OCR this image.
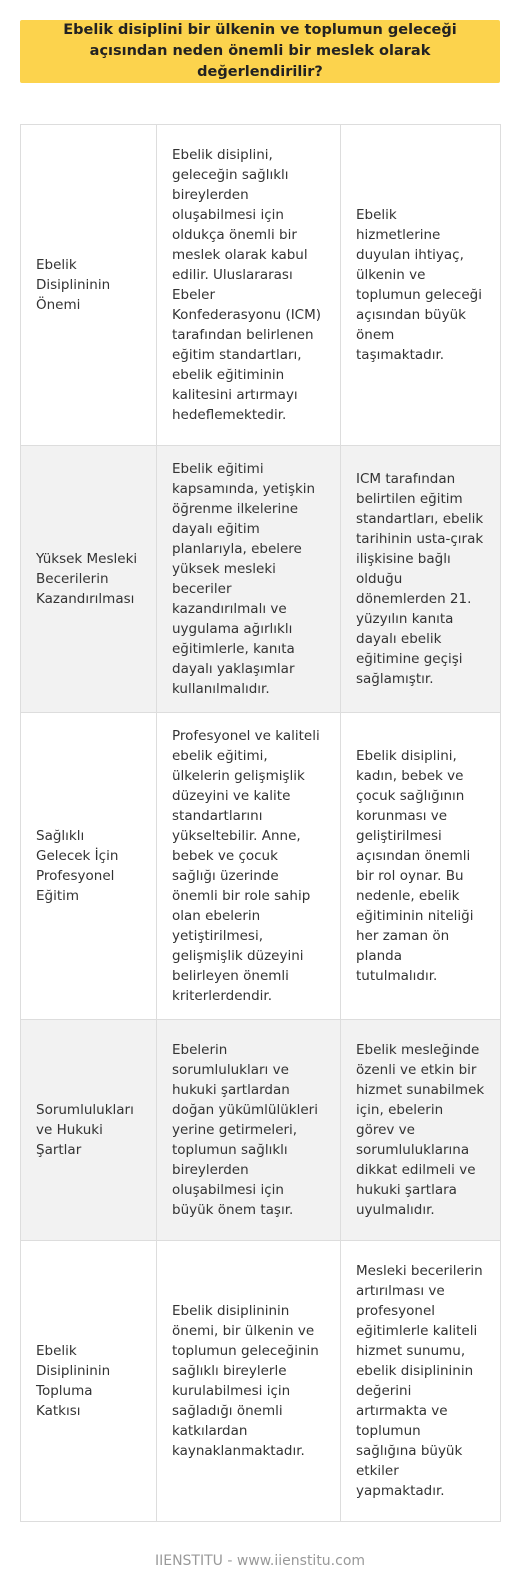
Ebelik disiplini bir ülkenin ve toplumun geleceği açısından neden önemli bir meslek olarak değerlendirilir?
Ebelik Disiplininin Önemi	Ebelik disiplini, geleceğin sağlıklı bireylerden oluşabilmesi için oldukça önemli bir meslek olarak kabul edilir. Uluslararası Ebeler Konfederasyonu (ICM) tarafından belirlenen eğitim standartları, ebelik eğitiminin kalitesini artırmayı hedeflemektedir.	Ebelik hizmetlerine duyulan ihtiyaç, ülkenin ve toplumun geleceği açısından büyük önem taşımaktadır.
Yüksek Mesleki Becerilerin Kazandırılması	Ebelik eğitimi kapsamında, yetişkin öğrenme ilkelerine dayalı eğitim planlarıyla, ebelere yüksek mesleki beceriler kazandırılmalı ve uygulama ağırlıklı eğitimlerle, kanıta dayalı yaklaşımlar kullanılmalıdır.	ICM tarafından belirtilen eğitim standartları, ebelik tarihinin usta-çırak ilişkisine bağlı olduğu dönemlerden 21. yüzyılın kanıta dayalı ebelik eğitimine geçişi sağlamıştır.
Sağlıklı Gelecek İçin Profesyonel Eğitim	Profesyonel ve kaliteli ebelik eğitimi, ülkelerin gelişmişlik düzeyini ve kalite standartlarını yükseltebilir. Anne, bebek ve çocuk sağlığı üzerinde önemli bir role sahip olan ebelerin yetiştirilmesi, gelişmişlik düzeyini belirleyen önemli kriterlerdendir.	Ebelik disiplini, kadın, bebek ve çocuk sağlığının korunması ve geliştirilmesi açısından önemli bir rol oynar. Bu nedenle, ebelik eğitiminin niteliği her zaman ön planda tutulmalıdır.
Sorumlulukları ve Hukuki Şartlar	Ebelerin sorumlulukları ve hukuki şartlardan doğan yükümlülükleri yerine getirmeleri, toplumun sağlıklı bireylerden oluşabilmesi için büyük önem taşır.	Ebelik mesleğinde özenli ve etkin bir hizmet sunabilmek için, ebelerin görev ve sorumluluklarına dikkat edilmeli ve hukuki şartlara uyulmalıdır.
Ebelik Disiplininin Topluma Katkısı	Ebelik disiplininin önemi, bir ülkenin ve toplumun geleceğinin sağlıklı bireylerle kurulabilmesi için sağladığı önemli katkılardan kaynaklanmaktadır.	Mesleki becerilerin artırılması ve profesyonel eğitimlerle kaliteli hizmet sunumu, ebelik disiplininin değerini artırmakta ve toplumun sağlığına büyük etkiler yapmaktadır.
IIENSTITU - www.iienstitu.com
